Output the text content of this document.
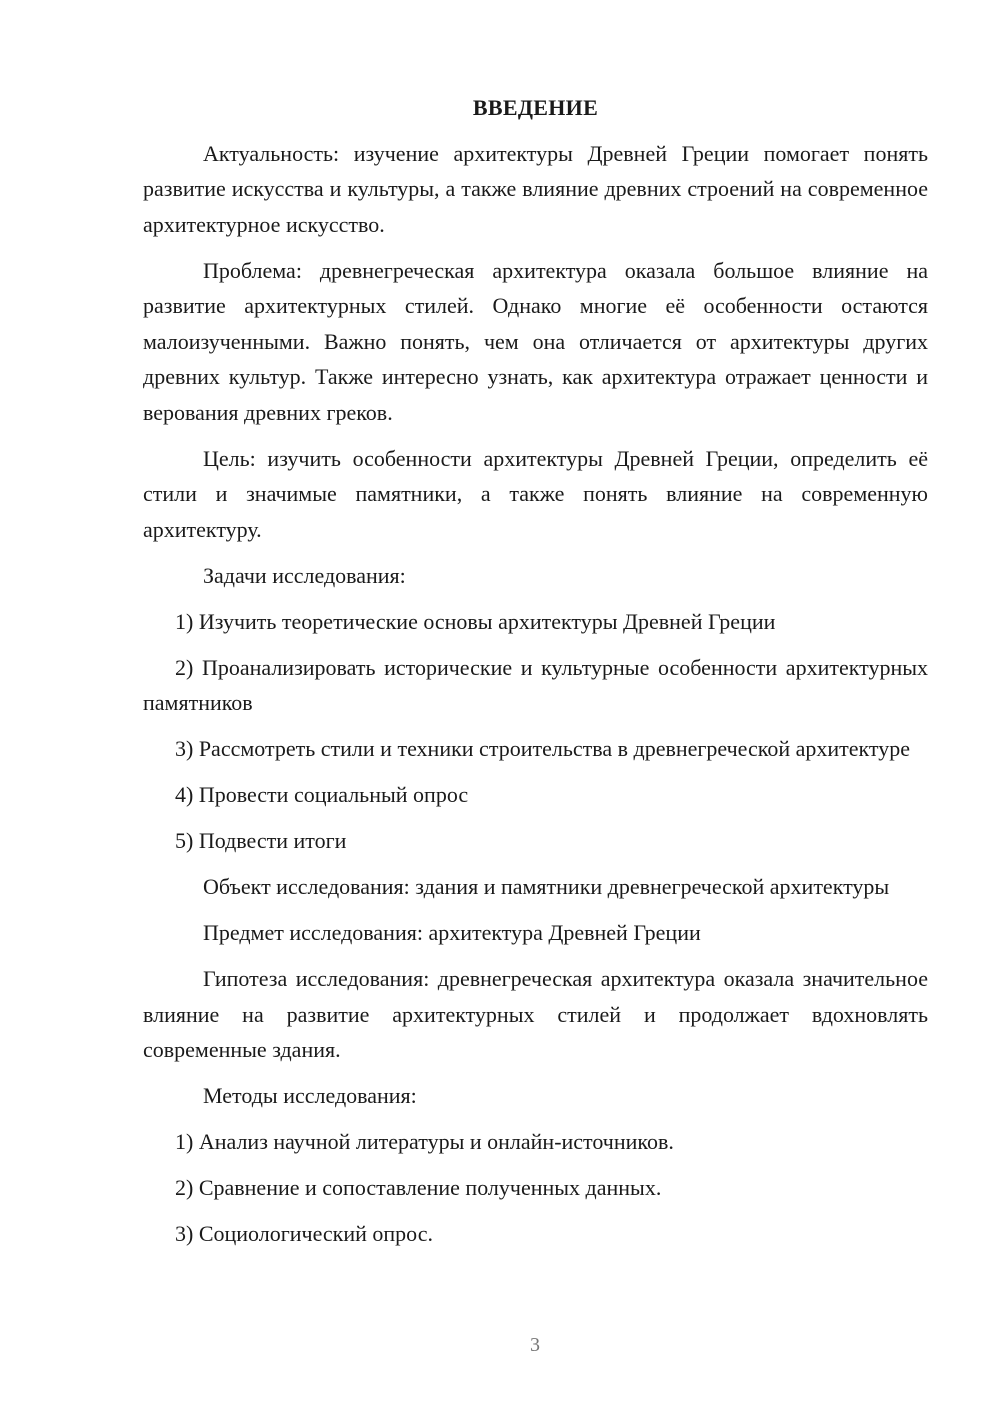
ВВЕДЕНИЕ

Актуальность: изучение архитектуры Древней Греции помогает понять развитие искусства и культуры, а также влияние древних строений на современное архитектурное искусство.

Проблема: древнегреческая архитектура оказала большое влияние на развитие архитектурных стилей. Однако многие её особенности остаются малоизученными. Важно понять, чем она отличается от архитектуры других древних культур. Также интересно узнать, как архитектура отражает ценности и верования древних греков.

Цель: изучить особенности архитектуры Древней Греции, определить её стили и значимые памятники, а также понять влияние на современную архитектуру.

Задачи исследования:

1) Изучить теоретические основы архитектуры Древней Греции

2) Проанализировать исторические и культурные особенности архитектурных памятников

3) Рассмотреть стили и техники строительства в древнегреческой архитектуре

4) Провести социальный опрос

5) Подвести итоги

Объект исследования: здания и памятники древнегреческой архитектуры

Предмет исследования: архитектура Древней Греции

Гипотеза исследования: древнегреческая архитектура оказала значительное влияние на развитие архитектурных стилей и продолжает вдохновлять современные здания.

Методы исследования:

1) Анализ научной литературы и онлайн-источников.

2) Сравнение и сопоставление полученных данных.

3) Социологический опрос.

3
